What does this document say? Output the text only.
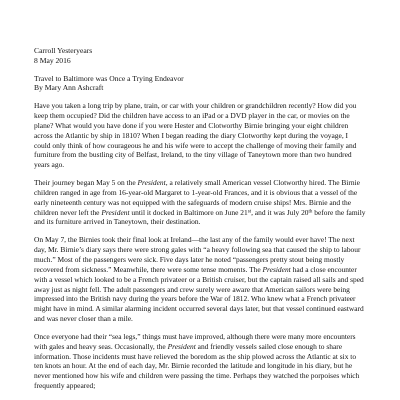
Carroll Yesteryears

8 May 2016

Travel to Baltimore was Once a Trying Endeavor

By Mary Ann Ashcraft

Have you taken a long trip by plane, train, or car with your children or grandchildren recently? How did you keep them occupied? Did the children have access to an iPad or a DVD player in the car, or movies on the plane? What would you have done if you were Hester and Clotworthy Birnie bringing your eight children across the Atlantic by ship in 1810? When I began reading the diary Clotworthy kept during the voyage, I could only think of how courageous he and his wife were to accept the challenge of moving their family and furniture from the bustling city of Belfast, Ireland, to the tiny village of Taneytown more than two hundred years ago.

Their journey began May 5 on the President, a relatively small American vessel Clotworthy hired. The Birnie children ranged in age from 16-year-old Margaret to 1-year-old Frances, and it is obvious that a vessel of the early nineteenth century was not equipped with the safeguards of modern cruise ships! Mrs. Birnie and the children never left the President until it docked in Baltimore on June 21st, and it was July 20th before the family and its furniture arrived in Taneytown, their destination.

On May 7, the Birnies took their final look at Ireland—the last any of the family would ever have! The next day, Mr. Birnie’s diary says there were strong gales with “a heavy following sea that caused the ship to labour much.” Most of the passengers were sick. Five days later he noted “passengers pretty stout being mostly recovered from sickness.” Meanwhile, there were some tense moments. The President had a close encounter with a vessel which looked to be a French privateer or a British cruiser, but the captain raised all sails and sped away just as night fell. The adult passengers and crew surely were aware that American sailors were being impressed into the British navy during the years before the War of 1812. Who knew what a French privateer might have in mind. A similar alarming incident occurred several days later, but that vessel continued eastward and was never closer than a mile.

Once everyone had their “sea legs,” things must have improved, although there were many more encounters with gales and heavy seas. Occasionally, the President and friendly vessels sailed close enough to share information. Those incidents must have relieved the boredom as the ship plowed across the Atlantic at six to ten knots an hour. At the end of each day, Mr. Birnie recorded the latitude and longitude in his diary, but he never mentioned how his wife and children were passing the time. Perhaps they watched the porpoises which frequently appeared;
